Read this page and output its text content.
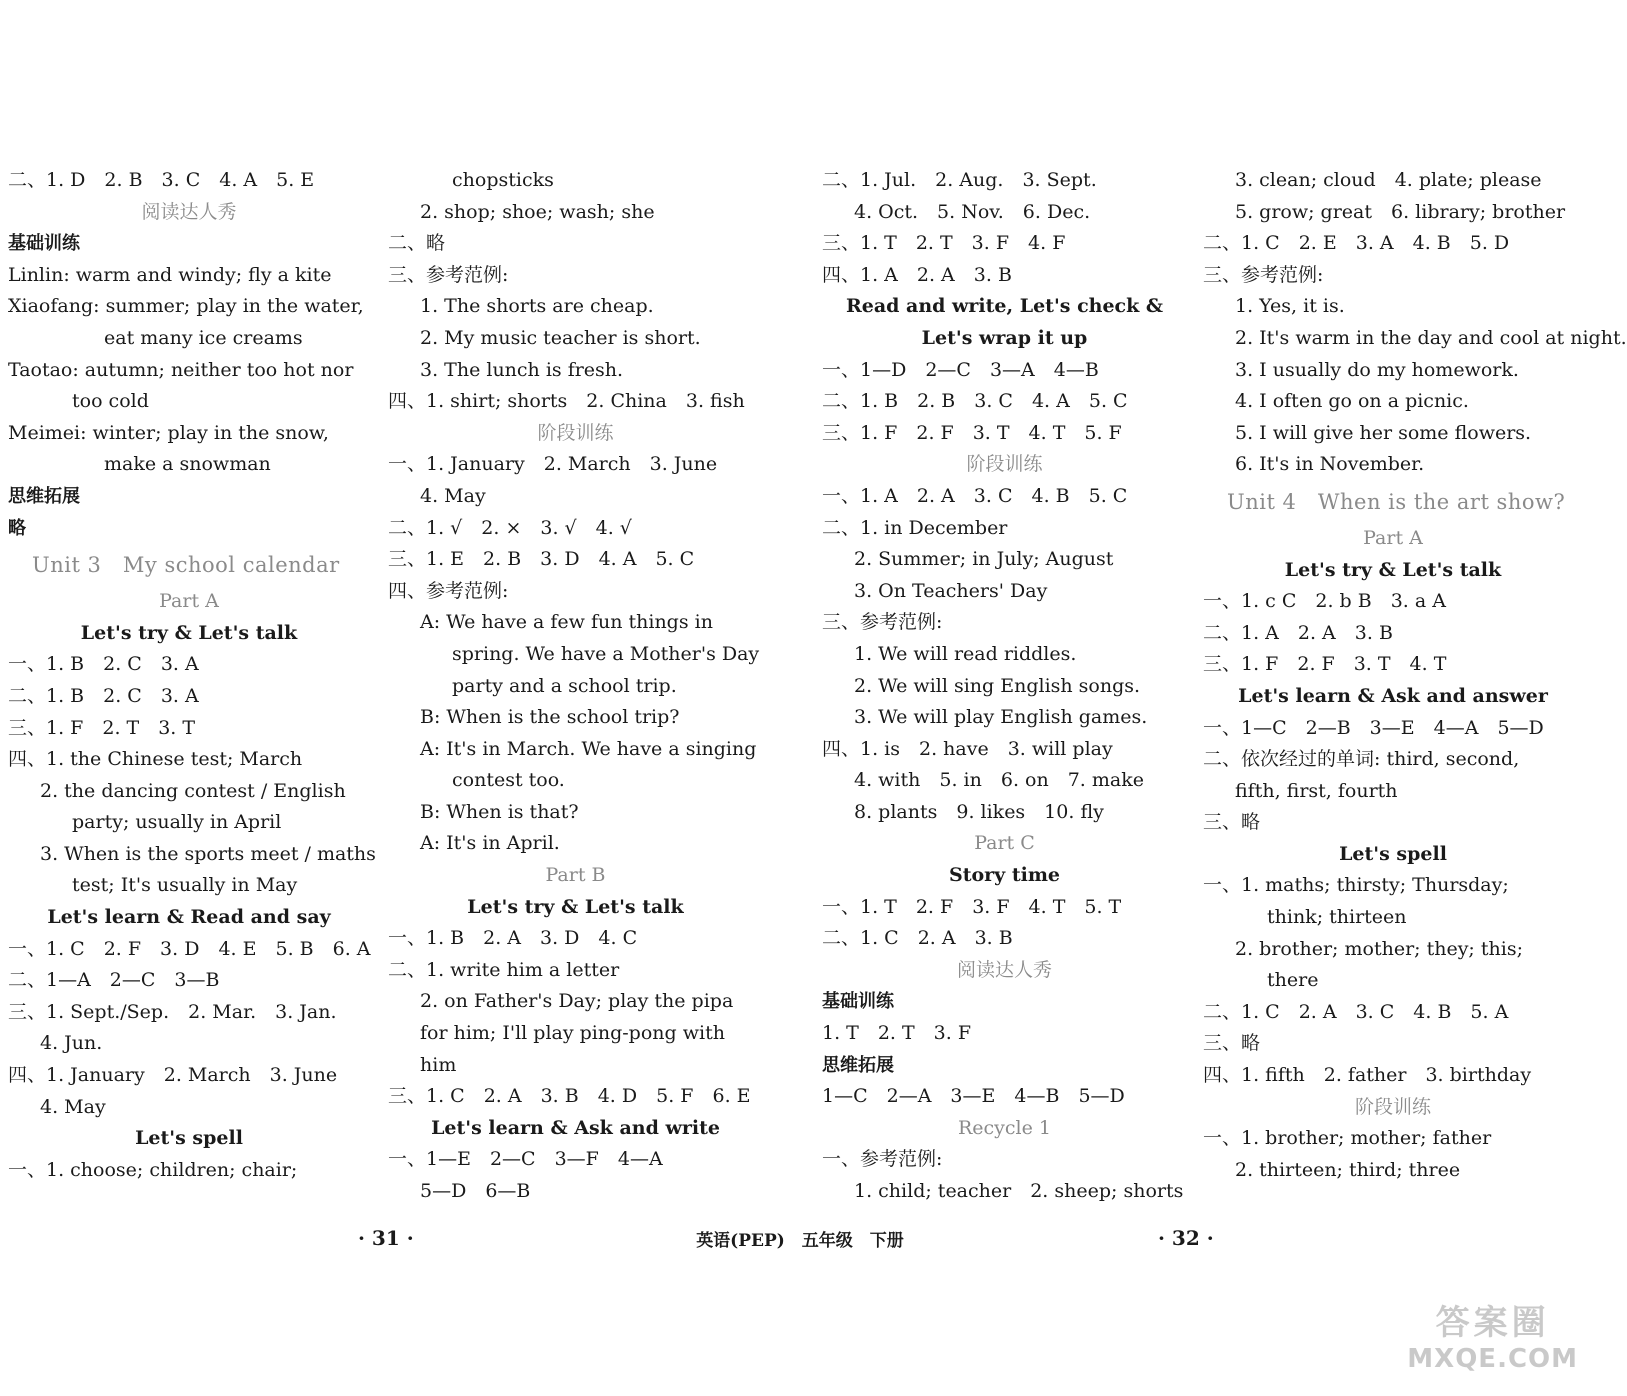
二、1. D　2. B　3. C　4. A　5. E
阅读达人秀
基础训练
Linlin: warm and windy; fly a kite
Xiaofang: summer; play in the water,
eat many ice creams
Taotao: autumn; neither too hot nor
too cold
Meimei: winter; play in the snow,
make a snowman
思维拓展
略
Unit 3　My school calendar
Part A
Let's try & Let's talk
一、1. B　2. C　3. A
二、1. B　2. C　3. A
三、1. F　2. T　3. T
四、1. the Chinese test; March
2. the dancing contest / English
party; usually in April
3. When is the sports meet / maths
test; It's usually in May
Let's learn & Read and say
一、1. C　2. F　3. D　4. E　5. B　6. A
二、1—A　2—C　3—B
三、1. Sept./Sep.　2. Mar.　3. Jan.
4. Jun.
四、1. January　2. March　3. June
4. May
Let's spell
一、1. choose; children; chair;
chopsticks
2. shop; shoe; wash; she
二、略
三、参考范例:
1. The shorts are cheap.
2. My music teacher is short.
3. The lunch is fresh.
四、1. shirt; shorts　2. China　3. fish
阶段训练
一、1. January　2. March　3. June
4. May
二、1. √　2. ×　3. √　4. √
三、1. E　2. B　3. D　4. A　5. C
四、参考范例:
A: We have a few fun things in
spring. We have a Mother's Day
party and a school trip.
B: When is the school trip?
A: It's in March. We have a singing
contest too.
B: When is that?
A: It's in April.
Part B
Let's try & Let's talk
一、1. B　2. A　3. D　4. C
二、1. write him a letter
2. on Father's Day; play the pipa
for him; I'll play ping-pong with
him
三、1. C　2. A　3. B　4. D　5. F　6. E
Let's learn & Ask and write
一、1—E　2—C　3—F　4—A
5—D　6—B
二、1. Jul.　2. Aug.　3. Sept.
4. Oct.　5. Nov.　6. Dec.
三、1. T　2. T　3. F　4. F
四、1. A　2. A　3. B
Read and write, Let's check &
Let's wrap it up
一、1—D　2—C　3—A　4—B
二、1. B　2. B　3. C　4. A　5. C
三、1. F　2. F　3. T　4. T　5. F
阶段训练
一、1. A　2. A　3. C　4. B　5. C
二、1. in December
2. Summer; in July; August
3. On Teachers' Day
三、参考范例:
1. We will read riddles.
2. We will sing English songs.
3. We will play English games.
四、1. is　2. have　3. will play
4. with　5. in　6. on　7. make
8. plants　9. likes　10. fly
Part C
Story time
一、1. T　2. F　3. F　4. T　5. T
二、1. C　2. A　3. B
阅读达人秀
基础训练
1. T　2. T　3. F
思维拓展
1—C　2—A　3—E　4—B　5—D
Recycle 1
一、参考范例:
1. child; teacher　2. sheep; shorts
3. clean; cloud　4. plate; please
5. grow; great　6. library; brother
二、1. C　2. E　3. A　4. B　5. D
三、参考范例:
1. Yes, it is.
2. It's warm in the day and cool at night.
3. I usually do my homework.
4. I often go on a picnic.
5. I will give her some flowers.
6. It's in November.
Unit 4　When is the art show?
Part A
Let's try & Let's talk
一、1. c C　2. b B　3. a A
二、1. A　2. A　3. B
三、1. F　2. F　3. T　4. T
Let's learn & Ask and answer
一、1—C　2—B　3—E　4—A　5—D
二、依次经过的单词: third, second,
fifth, first, fourth
三、略
Let's spell
一、1. maths; thirsty; Thursday;
think; thirteen
2. brother; mother; they; this;
there
二、1. C　2. A　3. C　4. B　5. A
三、略
四、1. fifth　2. father　3. birthday
阶段训练
一、1. brother; mother; father
2. thirteen; third; three
· 31 ·	英语(PEP)　五年级　下册	· 32 ·
答案圈
MXQE.COM
